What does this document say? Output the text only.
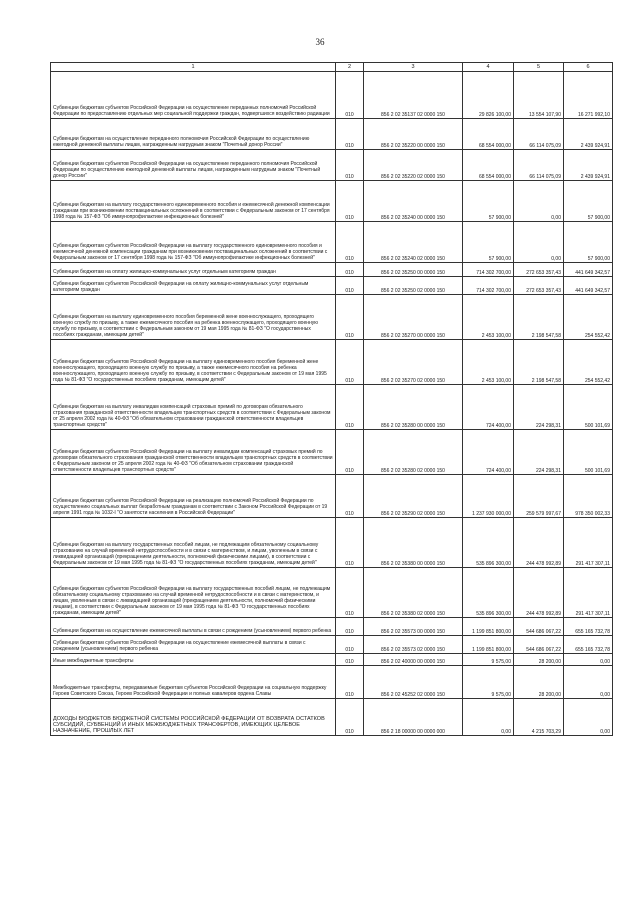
36
1	2	3	4	5	6

Субвенции бюджетам субъектов Российской Федерации на осуществление переданных полномочий Российской Федерации по предоставлению отдельных мер социальной поддержки граждан, подвергшихся воздействию радиации	010	856 2 02 35137 02 0000 150	29 826 100,00	13 554 107,90	16 271 992,10

Субвенции бюджетам на осуществление переданного полномочия Российской Федерации по осуществлению ежегодной денежной выплаты лицам, награжденным нагрудным знаком "Почетный донор России"	010	856 2 02 35220 00 0000 150	68 554 000,00	66 114 075,09	2 439 924,91

Субвенции бюджетам субъектов Российской Федерации на осуществление переданного полномочия Российской Федерации по осуществлению ежегодной денежной выплаты лицам, награжденным нагрудным знаком "Почетный донор России"	010	856 2 02 35220 02 0000 150	68 554 000,00	66 114 075,09	2 439 924,91

Субвенции бюджетам на выплату государственного единовременного пособия и ежемесячной денежной компенсации гражданам при возникновении поствакцинальных осложнений в соответствии с Федеральным законом от 17 сентября 1998 года № 157-ФЗ "Об иммунопрофилактике инфекционных болезней"	010	856 2 02 35240 00 0000 150	57 900,00	0,00	57 900,00

Субвенции бюджетам субъектов Российской Федерации на выплату государственного единовременного пособия и ежемесячной денежной компенсации гражданам при возникновении поствакцинальных осложнений в соответствии с Федеральным законом от 17 сентября 1998 года № 157-ФЗ "Об иммунопрофилактике инфекционных болезней"	010	856 2 02 35240 02 0000 150	57 900,00	0,00	57 900,00

Субвенции бюджетам на оплату жилищно-коммунальных услуг отдельным категориям граждан	010	856 2 02 35250 00 0000 150	714 302 700,00	272 653 357,43	441 649 342,57

Субвенции бюджетам субъектов Российской Федерации на оплату жилищно-коммунальных услуг отдельным категориям граждан	010	856 2 02 35250 02 0000 150	714 302 700,00	272 653 357,43	441 649 342,57

Субвенции бюджетам на выплату единовременного пособия беременной жене военнослужащего, проходящего военную службу по призыву, а также ежемесячного пособия на ребенка военнослужащего, проходящего военную службу по призыву, в соответствии с Федеральным законом от 19 мая 1995 года № 81-ФЗ "О государственных пособиях гражданам, имеющим детей"	010	856 2 02 35270 00 0000 150	2 453 100,00	2 198 547,58	254 552,42

Субвенции бюджетам субъектов Российской Федерации на выплату единовременного пособия беременной жене военнослужащего, проходящего военную службу по призыву, а также ежемесячного пособия на ребенка военнослужащего, проходящего военную службу по призыву, в соответствии с Федеральным законом от 19 мая 1995 года № 81-ФЗ "О государственных пособиях гражданам, имеющим детей"	010	856 2 02 35270 02 0000 150	2 453 100,00	2 198 547,58	254 552,42

Субвенции бюджетам на выплату инвалидам компенсаций страховых премий по договорам обязательного страхования гражданской ответственности владельцев транспортных средств в соответствии с Федеральным законом от 25 апреля 2002 года № 40-ФЗ "Об обязательном страховании гражданской ответственности владельцев транспортных средств"	010	856 2 02 35280 00 0000 150	724 400,00	224 298,31	500 101,69

Субвенции бюджетам субъектов Российской Федерации на выплату инвалидам компенсаций страховых премий по договорам обязательного страхования гражданской ответственности владельцев транспортных средств в соответствии с Федеральным законом от 25 апреля 2002 года № 40-ФЗ "Об обязательном страховании гражданской ответственности владельцев транспортных средств"	010	856 2 02 35280 02 0000 150	724 400,00	224 298,31	500 101,69

Субвенции бюджетам субъектов Российской Федерации на реализацию полномочий Российской Федерации по осуществлению социальных выплат безработным гражданам в соответствии с Законом Российской Федерации от 19 апреля 1991 года № 1032-I "О занятости населения в Российской Федерации"	010	856 2 02 35290 02 0000 150	1 237 930 000,00	259 579 997,67	978 350 002,33

Субвенции бюджетам на выплату государственных пособий лицам, не подлежащим обязательному социальному страхованию на случай временной нетрудоспособности и в связи с материнством, и лицам, уволенным в связи с ликвидацией организаций (прекращением деятельности, полномочий физическими лицами), в соответствии с Федеральным законом от 19 мая 1995 года № 81-ФЗ "О государственных пособиях гражданам, имеющим детей"	010	856 2 02 35380 00 0000 150	535 896 300,00	244 478 992,89	291 417 307,11

Субвенции бюджетам субъектов Российской Федерации на выплату государственных пособий лицам, не подлежащим обязательному социальному страхованию на случай временной нетрудоспособности и в связи с материнством, и лицам, уволенным в связи с ликвидацией организаций (прекращением деятельности, полномочий физическими лицами), в соответствии с Федеральным законом от 19 мая 1995 года № 81-ФЗ "О государственных пособиях гражданам, имеющим детей"	010	856 2 02 35380 02 0000 150	535 896 300,00	244 478 992,89	291 417 307,11

Субвенции бюджетам на осуществление ежемесячной выплаты в связи с рождением (усыновлением) первого ребенка	010	856 2 02 35573 00 0000 150	1 199 851 800,00	544 686 067,22	655 165 732,78

Субвенции бюджетам субъектов Российской Федерации на осуществление ежемесячной выплаты в связи с рождением (усыновлением) первого ребенка	010	856 2 02 35573 02 0000 150	1 199 851 800,00	544 686 067,22	655 165 732,78

Иные межбюджетные трансферты	010	856 2 02 40000 00 0000 150	9 575,00	28 200,00	0,00

Межбюджетные трансферты, передаваемые бюджетам субъектов Российской Федерации на социальную поддержку Героев Советского Союза, Героев Российской Федерации и полных кавалеров ордена Славы	010	856 2 02 45252 02 0000 150	9 575,00	28 200,00	0,00

ДОХОДЫ БЮДЖЕТОВ БЮДЖЕТНОЙ СИСТЕМЫ РОССИЙСКОЙ ФЕДЕРАЦИИ ОТ ВОЗВРАТА ОСТАТКОВ СУБСИДИЙ, СУБВЕНЦИЙ И ИНЫХ МЕЖБЮДЖЕТНЫХ ТРАНСФЕРТОВ, ИМЕЮЩИХ ЦЕЛЕВОЕ НАЗНАЧЕНИЕ, ПРОШЛЫХ ЛЕТ	010	856 2 18 00000 00 0000 000	0,00	4 215 703,29	0,00
